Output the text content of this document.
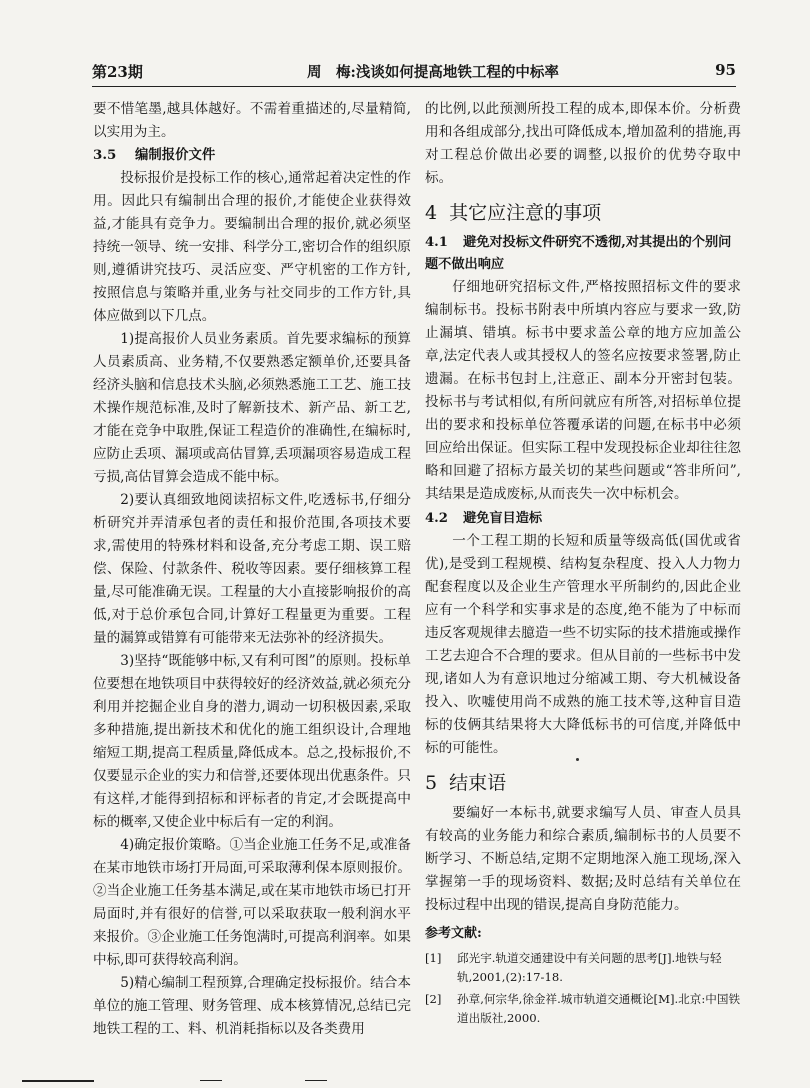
第23期	周　梅:浅谈如何提高地铁工程的中标率	95

要不惜笔墨,越具体越好。不需着重描述的,尽量精简,以实用为主。

3.5 编制报价文件

投标报价是投标工作的核心,通常起着决定性的作用。因此只有编制出合理的报价,才能使企业获得效益,才能具有竞争力。要编制出合理的报价,就必须坚持统一领导、统一安排、科学分工,密切合作的组织原则,遵循讲究技巧、灵活应变、严守机密的工作方针,按照信息与策略并重,业务与社交同步的工作方针,具体应做到以下几点。

1)提高报价人员业务素质。首先要求编标的预算人员素质高、业务精,不仅要熟悉定额单价,还要具备经济头脑和信息技术头脑,必须熟悉施工工艺、施工技术操作规范标准,及时了解新技术、新产品、新工艺,才能在竞争中取胜,保证工程造价的准确性,在编标时,应防止丢项、漏项或高估冒算,丢项漏项容易造成工程亏损,高估冒算会造成不能中标。

2)要认真细致地阅读招标文件,吃透标书,仔细分析研究并弄清承包者的责任和报价范围,各项技术要求,需使用的特殊材料和设备,充分考虑工期、误工赔偿、保险、付款条件、税收等因素。要仔细核算工程量,尽可能准确无误。工程量的大小直接影响报价的高低,对于总价承包合同,计算好工程量更为重要。工程量的漏算或错算有可能带来无法弥补的经济损失。

3)坚持“既能够中标,又有利可图”的原则。投标单位要想在地铁项目中获得较好的经济效益,就必须充分利用并挖掘企业自身的潜力,调动一切积极因素,采取多种措施,提出新技术和优化的施工组织设计,合理地缩短工期,提高工程质量,降低成本。总之,投标报价,不仅要显示企业的实力和信誉,还要体现出优惠条件。只有这样,才能得到招标和评标者的肯定,才会既提高中标的概率,又使企业中标后有一定的利润。

4)确定报价策略。①当企业施工任务不足,或准备在某市地铁市场打开局面,可采取薄利保本原则报价。②当企业施工任务基本满足,或在某市地铁市场已打开局面时,并有很好的信誉,可以采取获取一般利润水平来报价。③企业施工任务饱满时,可提高利润率。如果中标,即可获得较高利润。

5)精心编制工程预算,合理确定投标报价。结合本单位的施工管理、财务管理、成本核算情况,总结已完地铁工程的工、料、机消耗指标以及各类费用

的比例,以此预测所投工程的成本,即保本价。分析费用和各组成部分,找出可降低成本,增加盈利的措施,再对工程总价做出必要的调整,以报价的优势夺取中标。

4 其它应注意的事项
4.1 避免对投标文件研究不透彻,对其提出的个别问题不做出响应

仔细地研究招标文件,严格按照招标文件的要求编制标书。投标书附表中所填内容应与要求一致,防止漏填、错填。标书中要求盖公章的地方应加盖公章,法定代表人或其授权人的签名应按要求签署,防止遗漏。在标书包封上,注意正、副本分开密封包装。投标书与考试相似,有所问就应有所答,对招标单位提出的要求和投标单位答覆承诺的问题,在标书中必须回应给出保证。但实际工程中发现投标企业却往往忽略和回避了招标方最关切的某些问题或“答非所问”,其结果是造成废标,从而丧失一次中标机会。

4.2 避免盲目造标

一个工程工期的长短和质量等级高低(国优或省优),是受到工程规模、结构复杂程度、投入人力物力配套程度以及企业生产管理水平所制约的,因此企业应有一个科学和实事求是的态度,绝不能为了中标而违反客观规律去臆造一些不切实际的技术措施或操作工艺去迎合不合理的要求。但从目前的一些标书中发现,诸如人为有意识地过分缩减工期、夸大机械设备投入、吹嘘使用尚不成熟的施工技术等,这种盲目造标的伎俩其结果将大大降低标书的可信度,并降低中标的可能性。

5 结束语

要编好一本标书,就要求编写人员、审查人员具有较高的业务能力和综合素质,编制标书的人员要不断学习、不断总结,定期不定期地深入施工现场,深入掌握第一手的现场资料、数据;及时总结有关单位在投标过程中出现的错误,提高自身防范能力。

参考文献:
[1] 邱光宇.轨道交通建设中有关问题的思考[J].地铁与轻轨,2001,(2):17-18.
[2] 孙章,何宗华,徐金祥.城市轨道交通概论[M].北京:中国铁道出版社,2000.
